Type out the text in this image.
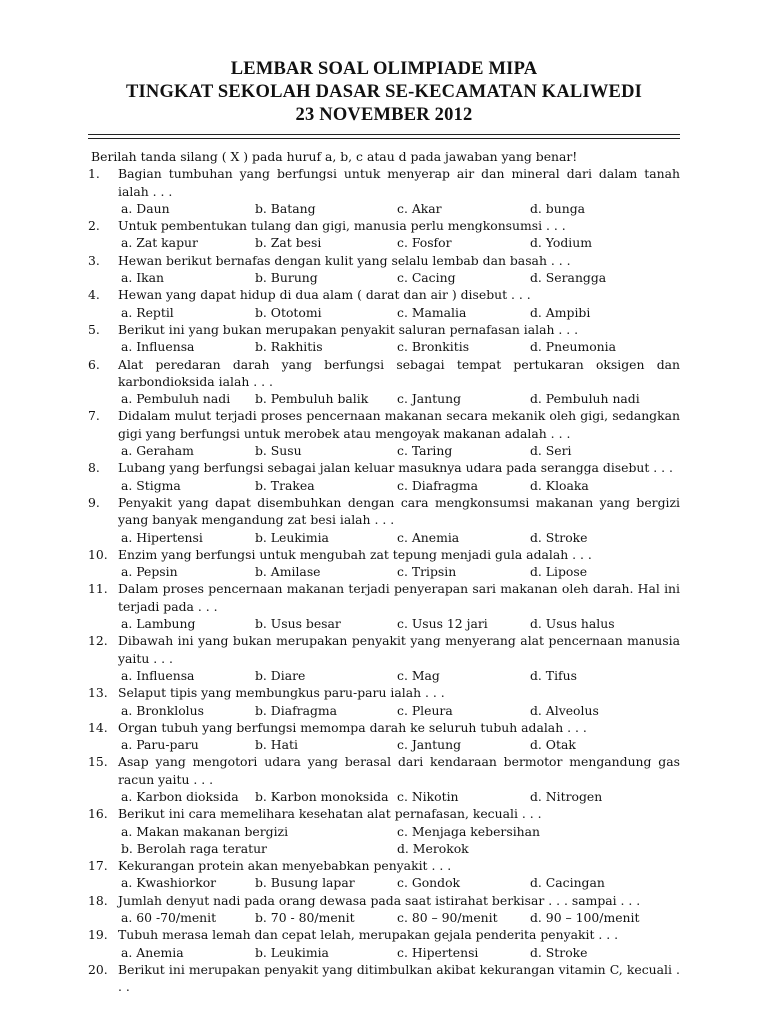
LEMBAR SOAL OLIMPIADE MIPA
TINGKAT SEKOLAH DASAR SE-KECAMATAN KALIWEDI
23 NOVEMBER 2012
Berilah tanda silang ( X ) pada huruf a, b, c atau d pada jawaban yang benar!
1. Bagian tumbuhan yang berfungsi untuk menyerap air dan mineral dari dalam tanah ialah . . .
a. Daun	b. Batang	c. Akar	d. bunga
2. Untuk pembentukan tulang dan gigi, manusia perlu mengkonsumsi . . .
a. Zat kapur	b. Zat besi	c. Fosfor	d. Yodium
3. Hewan berikut bernafas dengan kulit yang selalu lembab dan basah . . .
a. Ikan	b. Burung	c. Cacing	d. Serangga
4. Hewan yang dapat hidup di dua alam ( darat dan air ) disebut . . .
a. Reptil	b. Ototomi	c. Mamalia	d. Ampibi
5. Berikut ini yang bukan merupakan penyakit saluran pernafasan ialah . . .
a. Influensa	b. Rakhitis	c. Bronkitis	d. Pneumonia
6. Alat peredaran darah yang berfungsi sebagai tempat pertukaran oksigen dan karbondioksida ialah . . .
a. Pembuluh nadi	b. Pembuluh balik	c. Jantung	d. Pembuluh nadi
7. Didalam mulut terjadi proses pencernaan makanan secara mekanik oleh gigi, sedangkan gigi yang berfungsi untuk merobek atau mengoyak makanan adalah . . .
a. Geraham	b. Susu	c. Taring	d. Seri
8. Lubang yang berfungsi sebagai jalan keluar masuknya udara pada serangga disebut . . .
a. Stigma	b. Trakea	c. Diafragma	d. Kloaka
9. Penyakit yang dapat disembuhkan dengan cara mengkonsumsi makanan yang bergizi yang banyak mengandung zat besi ialah . . .
a. Hipertensi	b. Leukimia	c. Anemia	d. Stroke
10. Enzim yang berfungsi untuk mengubah zat tepung menjadi gula adalah . . .
a. Pepsin	b. Amilase	c. Tripsin	d. Lipose
11. Dalam proses pencernaan makanan terjadi penyerapan sari makanan oleh darah. Hal ini terjadi pada . . .
a. Lambung	b. Usus besar	c. Usus 12 jari	d. Usus halus
12. Dibawah ini yang bukan merupakan penyakit yang menyerang alat pencernaan manusia yaitu . . .
a. Influensa	b. Diare	c. Mag	d. Tifus
13. Selaput tipis yang membungkus paru-paru ialah . . .
a. Bronklolus	b. Diafragma	c. Pleura	d. Alveolus
14. Organ tubuh yang berfungsi memompa darah ke seluruh tubuh adalah . . .
a. Paru-paru	b. Hati	c. Jantung	d. Otak
15. Asap yang mengotori udara yang berasal dari kendaraan bermotor mengandung gas racun yaitu . . .
a. Karbon dioksida	b. Karbon monoksida c. Nikotin	d. Nitrogen
16. Berikut ini cara memelihara kesehatan alat pernafasan, kecuali . . .
a. Makan makanan bergizi	c. Menjaga kebersihan
b. Berolah raga teratur	d. Merokok
17. Kekurangan protein akan menyebabkan penyakit . . .
a. Kwashiorkor	b. Busung lapar	c. Gondok	d. Cacingan
18. Jumlah denyut nadi pada orang dewasa pada saat istirahat berkisar . . . sampai . . .
a. 60 -70/menit	b. 70 - 80/menit	c. 80 – 90/menit	d. 90 – 100/menit
19. Tubuh merasa lemah dan cepat lelah, merupakan gejala penderita penyakit . . .
a. Anemia	b. Leukimia	c. Hipertensi	d. Stroke
20. Berikut ini merupakan penyakit yang ditimbulkan akibat kekurangan vitamin C, kecuali . . .
